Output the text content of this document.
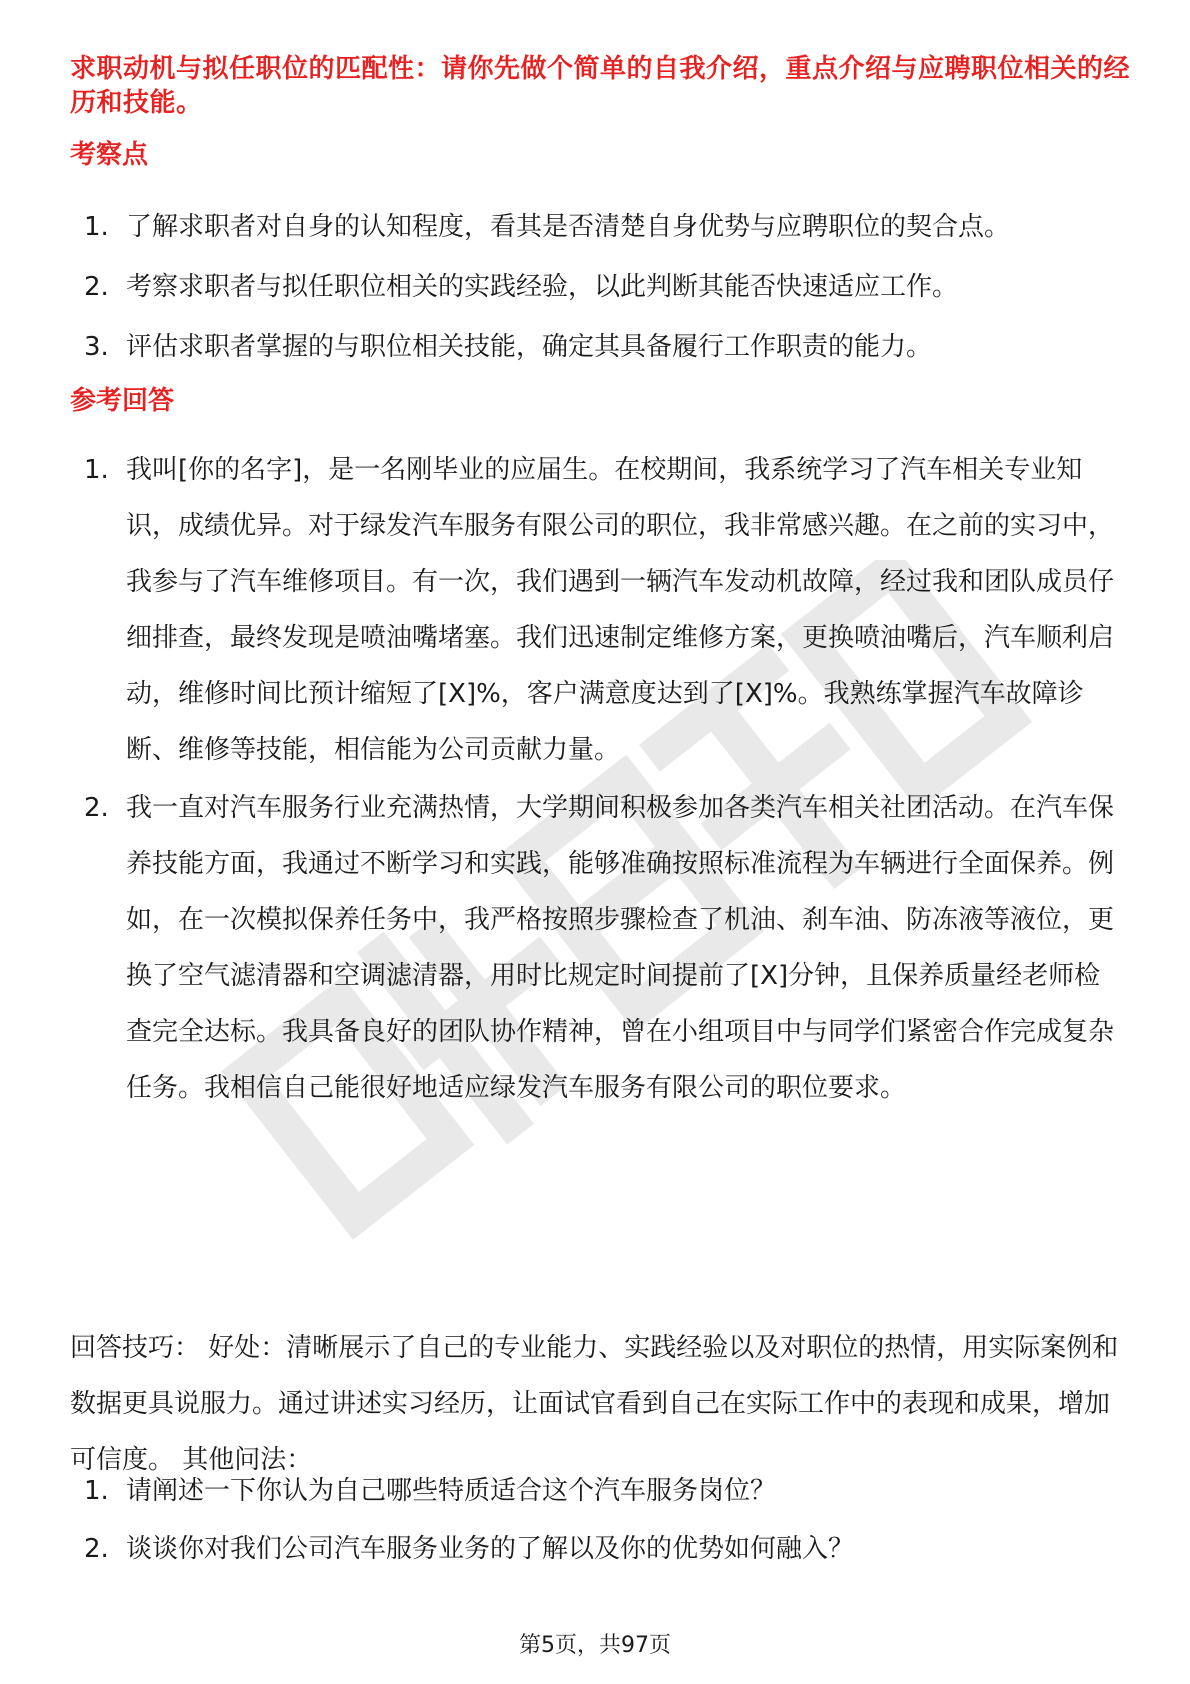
求职动机与拟任职位的匹配性：请你先做个简单的自我介绍，重点介绍与应聘职位相关的经历和技能。
考察点
1. 了解求职者对自身的认知程度，看其是否清楚自身优势与应聘职位的契合点。
2. 考察求职者与拟任职位相关的实践经验，以此判断其能否快速适应工作。
3. 评估求职者掌握的与职位相关技能，确定其具备履行工作职责的能力。
参考回答
1. 我叫[你的名字]，是一名刚毕业的应届生。在校期间，我系统学习了汽车相关专业知识，成绩优异。对于绿发汽车服务有限公司的职位，我非常感兴趣。在之前的实习中，我参与了汽车维修项目。有一次，我们遇到一辆汽车发动机故障，经过我和团队成员仔细排查，最终发现是喷油嘴堵塞。我们迅速制定维修方案，更换喷油嘴后，汽车顺利启动，维修时间比预计缩短了[X]%，客户满意度达到了[X]%。我熟练掌握汽车故障诊断、维修等技能，相信能为公司贡献力量。
2. 我一直对汽车服务行业充满热情，大学期间积极参加各类汽车相关社团活动。在汽车保养技能方面，我通过不断学习和实践，能够准确按照标准流程为车辆进行全面保养。例如，在一次模拟保养任务中，我严格按照步骤检查了机油、刹车油、防冻液等液位，更换了空气滤清器和空调滤清器，用时比规定时间提前了[X]分钟，且保养质量经老师检查完全达标。我具备良好的团队协作精神，曾在小组项目中与同学们紧密合作完成复杂任务。我相信自己能很好地适应绿发汽车服务有限公司的职位要求。
回答技巧： 好处：清晰展示了自己的专业能力、实践经验以及对职位的热情，用实际案例和数据更具说服力。通过讲述实习经历，让面试官看到自己在实际工作中的表现和成果，增加可信度。 其他问法：
1. 请阐述一下你认为自己哪些特质适合这个汽车服务岗位？
2. 谈谈你对我们公司汽车服务业务的了解以及你的优势如何融入？
第5页，共97页
